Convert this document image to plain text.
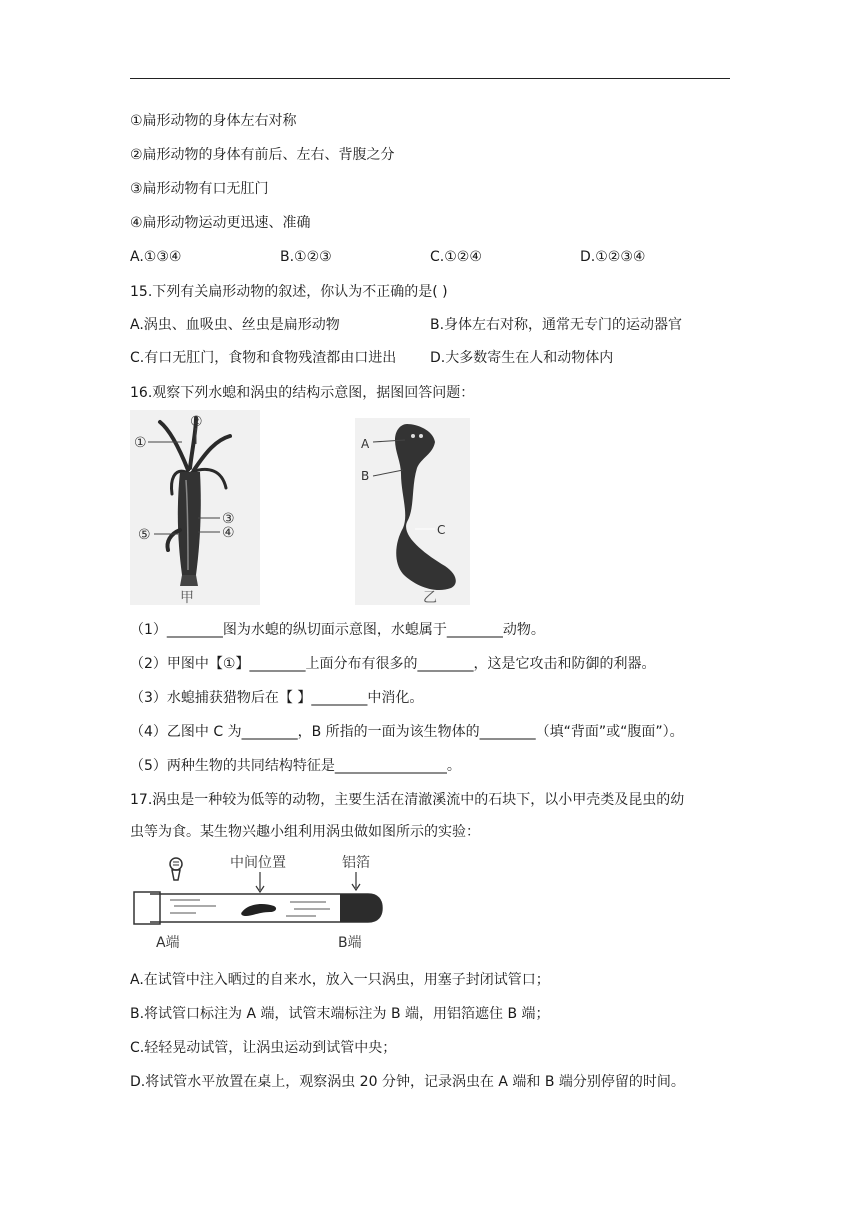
①扁形动物的身体左右对称
②扁形动物的身体有前后、左右、背腹之分
③扁形动物有口无肛门
④扁形动物运动更迅速、准确
A.①③④	B.①②③	C.①②④	D.①②③④
15.下列有关扁形动物的叙述，你认为不正确的是( )
A.涡虫、血吸虫、丝虫是扁形动物	B.身体左右对称，通常无专门的运动器官
C.有口无肛门，食物和食物残渣都由口进出 D.大多数寄生在人和动物体内
16.观察下列水螅和涡虫的结构示意图，据图回答问题：
①
②
③
④
⑤
甲
A
B
C
乙
（1）________图为水螅的纵切面示意图，水螅属于________动物。
（2）甲图中【①】________上面分布有很多的________，这是它攻击和防御的利器。
（3）水螅捕获猎物后在【 】________中消化。
（4）乙图中 C 为________，B 所指的一面为该生物体的________（填“背面”或“腹面”）。
（5）两种生物的共同结构特征是________________。
17.涡虫是一种较为低等的动物，主要生活在清澈溪流中的石块下，以小甲壳类及昆虫的幼
虫等为食。某生物兴趣小组利用涡虫做如图所示的实验：
中间位置	铝箔
A端	B端
A.在试管中注入晒过的自来水，放入一只涡虫，用塞子封闭试管口；
B.将试管口标注为 A 端，试管末端标注为 B 端，用铝箔遮住 B 端；
C.轻轻晃动试管，让涡虫运动到试管中央；
D.将试管水平放置在桌上，观察涡虫 20 分钟，记录涡虫在 A 端和 B 端分别停留的时间。
